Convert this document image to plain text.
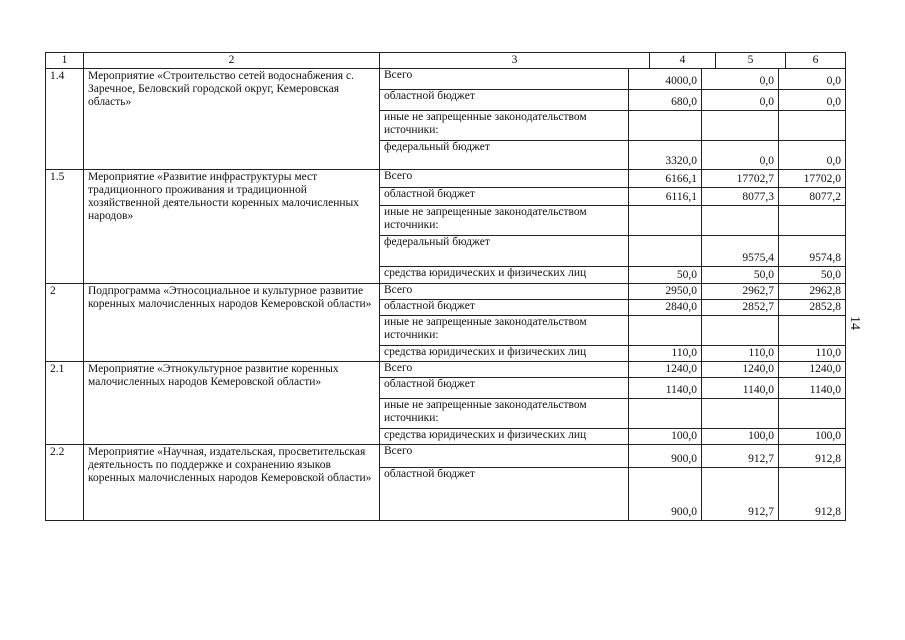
1	2	3	4	5	6
1.4	Мероприятие «Строительство сетей водоснабжения с. Заречное, Беловский городской округ, Кемеровская область»	
Всего	4000,0	0,0	0,0
областной бюджет	680,0	0,0	0,0
иные не запрещенные законодательством источники:			
федеральный бюджет	3320,0	0,0	0,0

1.5	Мероприятие «Развитие инфраструктуры мест традиционного проживания и традиционной хозяйственной деятельности коренных малочисленных народов»	
Всего	6166,1	17702,7	17702,0
областной бюджет	6116,1	8077,3	8077,2
иные не запрещенные законодательством источники:			
федеральный бюджет		9575,4	9574,8
средства юридических и физических лиц	50,0	50,0	50,0

2	Подпрограмма «Этносоциальное и культурное развитие коренных малочисленных народов Кемеровской области»	
Всего	2950,0	2962,7	2962,8
областной бюджет	2840,0	2852,7	2852,8
иные не запрещенные законодательством источники:			
средства юридических и физических лиц	110,0	110,0	110,0

2.1	Мероприятие «Этнокультурное развитие коренных малочисленных народов Кемеровской области»	
Всего	1240,0	1240,0	1240,0
областной бюджет	1140,0	1140,0	1140,0
иные не запрещенные законодательством источники:			
средства юридических и физических лиц	100,0	100,0	100,0

2.2	Мероприятие «Научная, издательская, просветительская деятельность по поддержке и сохранению языков коренных малочисленных народов Кемеровской области»	
Всего	900,0	912,7	912,8
областной бюджет	900,0	912,7	912,8
14
